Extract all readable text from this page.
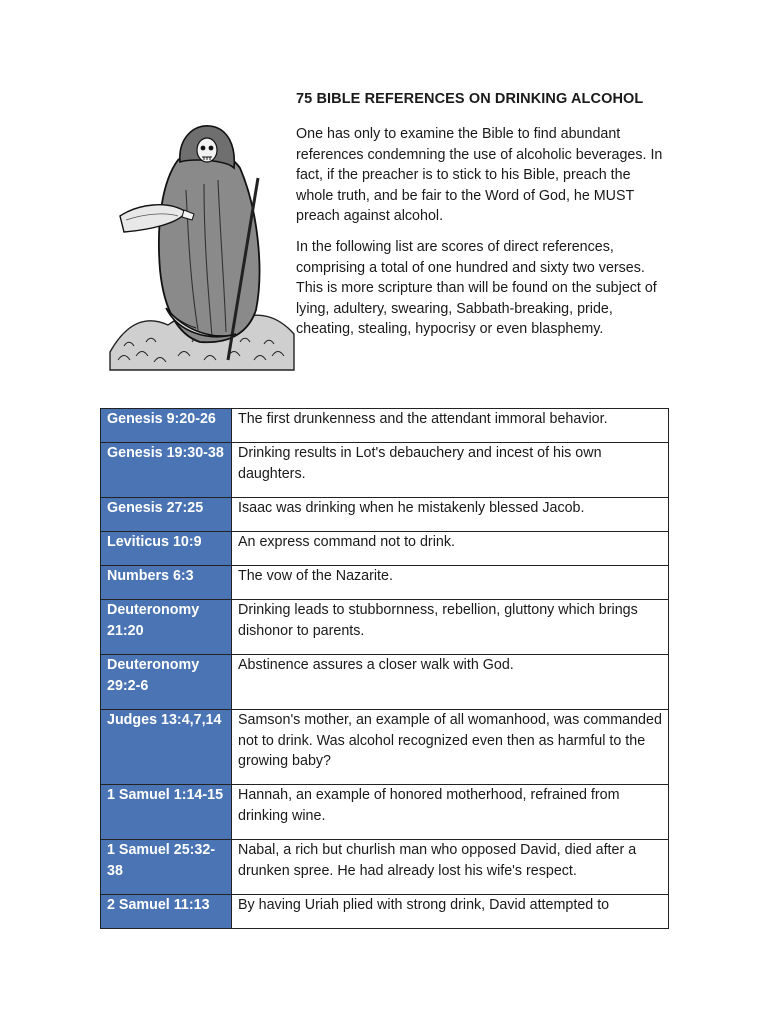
75 BIBLE REFERENCES ON DRINKING ALCOHOL

One has only to examine the Bible to find abundant references condemning the use of alcoholic beverages. In fact, if the preacher is to stick to his Bible, preach the whole truth, and be fair to the Word of God, he MUST preach against alcohol.

In the following list are scores of direct references, comprising a total of one hundred and sixty two verses. This is more scripture than will be found on the subject of lying, adultery, swearing, Sabbath-breaking, pride, cheating, stealing, hypocrisy or even blasphemy.

Genesis 9:20-26	The first drunkenness and the attendant immoral behavior.
Genesis 19:30-38	Drinking results in Lot's debauchery and incest of his own daughters.
Genesis 27:25	Isaac was drinking when he mistakenly blessed Jacob.
Leviticus 10:9	An express command not to drink.
Numbers 6:3	The vow of the Nazarite.
Deuteronomy 21:20	Drinking leads to stubbornness, rebellion, gluttony which brings dishonor to parents.
Deuteronomy 29:2-6	Abstinence assures a closer walk with God.
Judges 13:4,7,14	Samson's mother, an example of all womanhood, was commanded not to drink. Was alcohol recognized even then as harmful to the growing baby?
1 Samuel 1:14-15	Hannah, an example of honored motherhood, refrained from drinking wine.
1 Samuel 25:32-38	Nabal, a rich but churlish man who opposed David, died after a drunken spree. He had already lost his wife's respect.
2 Samuel 11:13	By having Uriah plied with strong drink, David attempted to
